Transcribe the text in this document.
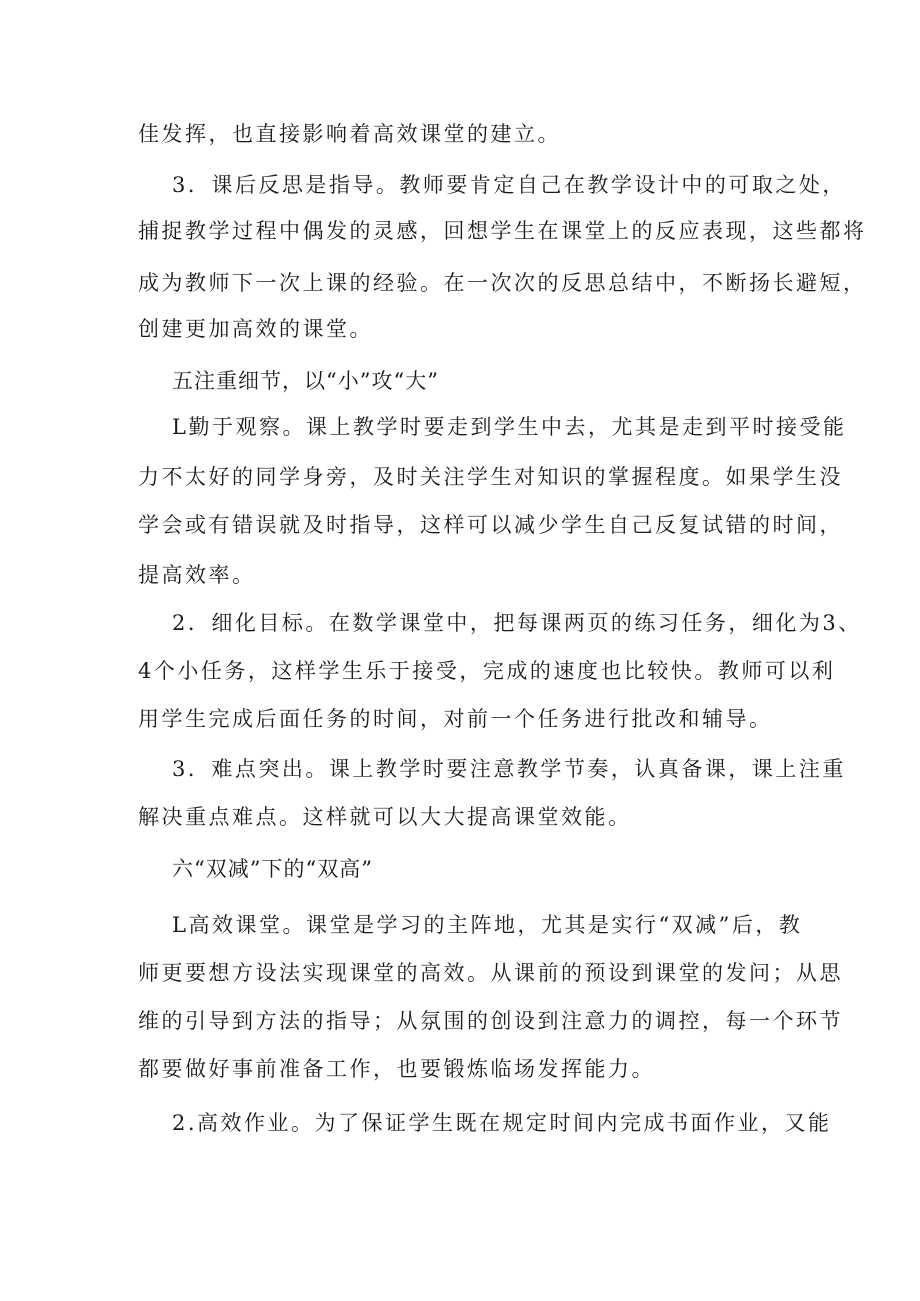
佳发挥，也直接影响着高效课堂的建立。
3．课后反思是指导。教师要肯定自己在教学设计中的可取之处，
捕捉教学过程中偶发的灵感，回想学生在课堂上的反应表现，这些都将
成为教师下一次上课的经验。在一次次的反思总结中，不断扬长避短，
创建更加高效的课堂。
五注重细节，以“小”攻“大”
L勤于观察。课上教学时要走到学生中去，尤其是走到平时接受能
力不太好的同学身旁，及时关注学生对知识的掌握程度。如果学生没
学会或有错误就及时指导，这样可以减少学生自己反复试错的时间，
提高效率。
2．细化目标。在数学课堂中，把每课两页的练习任务，细化为3、
4个小任务，这样学生乐于接受，完成的速度也比较快。教师可以利
用学生完成后面任务的时间，对前一个任务进行批改和辅导。
3．难点突出。课上教学时要注意教学节奏，认真备课，课上注重
解决重点难点。这样就可以大大提高课堂效能。
六“双减”下的“双高”
L高效课堂。课堂是学习的主阵地，尤其是实行“双减”后，教
师更要想方设法实现课堂的高效。从课前的预设到课堂的发问；从思
维的引导到方法的指导；从氛围的创设到注意力的调控，每一个环节
都要做好事前准备工作，也要锻炼临场发挥能力。
2.高效作业。为了保证学生既在规定时间内完成书面作业，又能
